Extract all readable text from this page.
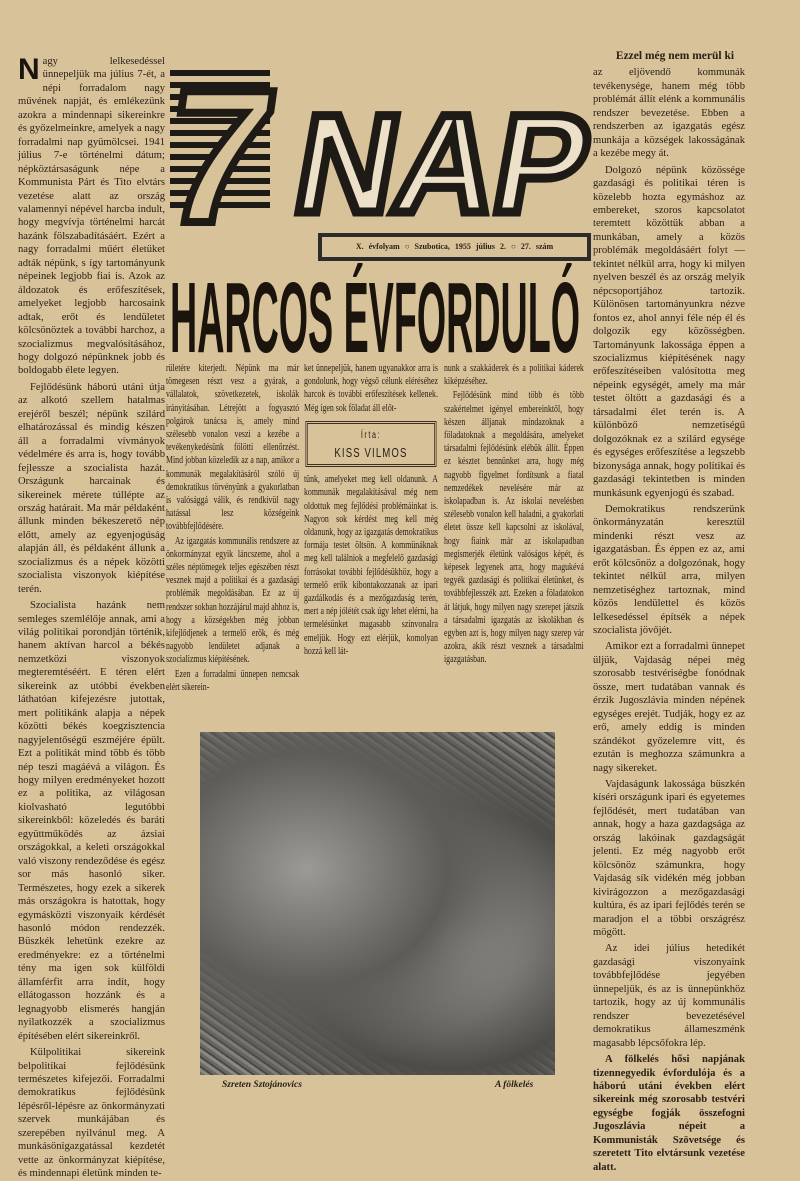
7
NAP
X. évfolyam ○ Szubotica, 1955 július 2. ○ 27. szám
HARCOS ÉVFORDULÓ

Nagy lelkesedéssel ünnepeljük ma július 7-ét, a népi forradalom nagy művének napját, és emlékezünk azokra a mindennapi sikereinkre és győzelmeinkre, amelyek a nagy forradalmi nap gyümölcsei. 1941 július 7-e történelmi dátum; népköztársaságunk népe a Kommunista Párt és Tito elvtárs vezetése alatt az ország valamennyi népével harcba indult, hogy megvívja történelmi harcát hazánk fölszabadításáért. Ezért a nagy forradalmi műért életüket adták népünk, s így tartományunk népeinek legjobb fiai is. Azok az áldozatok és erőfeszítések, amelyeket legjobb harcosaink adtak, erőt és lendületet kölcsönöztek a további harchoz, a szocializmus megvalósításához, hogy dolgozó népünknek jobb és boldogabb élete legyen.

Fejlődésünk háború utáni útja az alkotó szellem hatalmas erejéről beszél; népünk szilárd elhatározással és mindig készen áll a forradalmi vívmányok védelmére és arra is, hogy tovább fejlessze a szocialista hazát. Országunk harcainak és sikereinek mérete túllépte az ország határait. Ma már példaként állunk minden békeszerető nép előtt, amely az egyenjogúság alapján áll, és példaként állunk a szocializmus és a népek közötti szocialista viszonyok kiépítése terén.

Szocialista hazánk nem semleges szemlélője annak, ami a világ politikai porondján történik, hanem aktívan harcol a békés nemzetközi viszonyok megteremtéséért. E téren elért sikereink az utóbbi években láthatóan kifejezésre jutottak, mert politikánk alapja a népek közötti békés koegzisztencia nagyjelentőségű eszméjére épült. Ezt a politikát mind több és több nép teszi magáévá a világon. És hogy milyen eredményeket hozott ez a politika, az világosan kiolvasható legutóbbi sikereinkből: közeledés és baráti együttműködés az ázsiai országokkal, a keleti országokkal való viszony rendeződése és egész sor más hasonló siker. Természetes, hogy ezek a sikerek más országokra is hatottak, hogy egymásközti viszonyaik kérdését hasonló módon rendezzék. Büszkék lehetünk ezekre az eredményekre: ez a történelmi tény ma igen sok külföldi államférfit arra indít, hogy ellátogasson hozzánk és a legnagyobb elismerés hangján nyilatkozzék a szocializmus építésében elért sikereinkről.

Külpolitikai sikereink belpolitikai fejlődésünk természetes kifejezői. Forradalmi demokratikus fejlődésünk lépésről-lépésre az önkormányzati szervek munkájában és szerepében nyilvánul meg. A munkásönigazgatással kezdetét vette az önkormányzat kiépítése, és mindennapi életünk minden te-

rületére kiterjedt. Népünk ma már tömegesen részt vesz a gyárak, a vállalatok, szövetkezetek, iskolák irányításában. Létrejött a fogyasztó polgárok tanácsa is, amely mind szélesebb vonalon veszi a kezébe a tevékenykedésünk fölötti ellenőrzést. Mind jobban közeledik az a nap, amikor a kommunák megalakításáról szóló új demokratikus törvényünk a gyakorlatban is valósággá válik, és rendkívül nagy hatással lesz községeink továbbfejlődésére.

Az igazgatás kommunális rendszere az önkormányzat egyik láncszeme, ahol a széles néptömegek teljes egészében részt vesznek majd a politikai és a gazdasági problémák megoldásában. Ez az új rendszer sokban hozzájárul majd ahhoz is, hogy a községekben még jobban kifejlődjenek a termelő erők, és még nagyobb lendületet adjanak a szocializmus kiépítésének.

Ezen a forradalmi ünnepen nemcsak elért sikerein-

ket ünnepeljük, hanem ugyanakkor arra is gondolunk, hogy végső célunk eléréséhez harcok és további erőfeszítések kellenek. Még igen sok föladat áll előt-

Írta:
KISS VILMOS

tünk, amelyeket meg kell oldanunk. A kommunák megalakításával még nem oldottuk meg fejlődési problémáinkat is. Nagyon sok kérdést meg kell még oldanunk, hogy az igazgatás demokratikus formája testet öltsön. A kommünáknak meg kell találniok a megfelelő gazdasági forrásokat további fejlődésükhöz, hogy a termelő erők kibontakozzanak az ipari gazdálkodás és a mezőgazdaság terén, mert a nép jólétét csak úgy lehet elérni, ha termelésünket magasabb színvonalra emeljük. Hogy ezt elérjük, komolyan hozzá kell lát-

nunk a szakkáderek és a politikai káderek kiképzéséhez.

Fejlődésünk mind több és több szakértelmet igényel embereinktől, hogy készen álljanak mindazoknak a föladatoknak a megoldására, amelyeket társadalmi fejlődésünk elébük állít. Éppen ez késztet bennünket arra, hogy még nagyobb figyelmet fordítsunk a fiatal nemzedékek nevelésére már az iskolapadban is. Az iskolai nevelésben szélesebb vonalon kell haladni, a gyakorlati életet össze kell kapcsolni az iskolával, hogy fiaink már az iskolapadban megismerjék életünk valóságos képét, és képesek legyenek arra, hogy magukévá tegyék gazdasági és politikai életünket, és továbbfejlesszék azt. Ezeken a föladatokon át látjuk, hogy milyen nagy szerepet játszik a társadalmi igazgatás az iskolákban és egyben azt is, hogy milyen nagy szerep vár azokra, akik részt vesznek a társadalmi igazgatásban.

Ezzel még nem merül ki

az eljövendő kommunák tevékenysége, hanem még több problémát állít elénk a kommunális rendszer bevezetése. Ebben a rendszerben az igazgatás egész munkája a községek lakosságának a kezébe megy át.

Dolgozó népünk közössége gazdasági és politikai téren is közelebb hozta egymáshoz az embereket, szoros kapcsolatot teremtett közöttük abban a munkában, amely a közös problémák megoldásáért folyt — tekintet nélkül arra, hogy ki milyen nyelven beszél és az ország melyik népcsoportjához tartozik. Különösen tartományunkra nézve fontos ez, ahol annyi féle nép él és dolgozik egy közösségben. Tartományunk lakossága éppen a szocializmus kiépítésének nagy erőfeszítéseiben valósította meg népeink egységét, amely ma már testet öltött a gazdasági és a társadalmi élet terén is. A különböző nemzetiségű dolgozóknak ez a szilárd egysége és egységes erőfeszítése a legszebb bizonysága annak, hogy politikai és gazdasági tekintetben is minden munkásunk egyenjogú és szabad.

Demokratikus rendszerünk önkormányzatán keresztül mindenki részt vesz az igazgatásban. És éppen ez az, ami erőt kölcsönöz a dolgozónak, hogy tekintet nélkül arra, milyen nemzetiséghez tartoznak, mind közös lendülettel és közös lelkesedéssel építsék a népek szocialista jövőjét.

Amikor ezt a forradalmi ünnepet üljük, Vajdaság népei még szorosabb testvériségbe fonódnak össze, mert tudatában vannak és érzik Jugoszlávia minden népének egységes erejét. Tudják, hogy ez az erő, amely eddig is minden szándékot győzelemre vitt, és ezután is meghozza számunkra a nagy sikereket.

Vajdaságunk lakossága büszkén kíséri országunk ipari és egyetemes fejlődését, mert tudatában van annak, hogy a haza gazdagsága az ország lakóinak gazdagságát jelenti. Ez még nagyobb erőt kölcsönöz számunkra, hogy Vajdaság sík vidékén még jobban kivirágozzon a mezőgazdasági kultúra, és az ipari fejlődés terén se maradjon el a többi országrész mögött.

Az idei július hetedikét gazdasági viszonyaink továbbfejlődése jegyében ünnepeljük, és az is ünnepünkhöz tartozik, hogy az új kommunális rendszer bevezetésével demokratikus állameszménk magasabb lépcsőfokra lép.

A fölkelés hősi napjának tizennegyedik évfordulója és a háború utáni években elért sikereink még szorosabb testvéri egységbe fogják összefogni Jugoszlávia népeit a Kommunisták Szövetsége és szeretett Tito elvtársunk vezetése alatt.

Szreten Sztojánovics	A fölkelés
